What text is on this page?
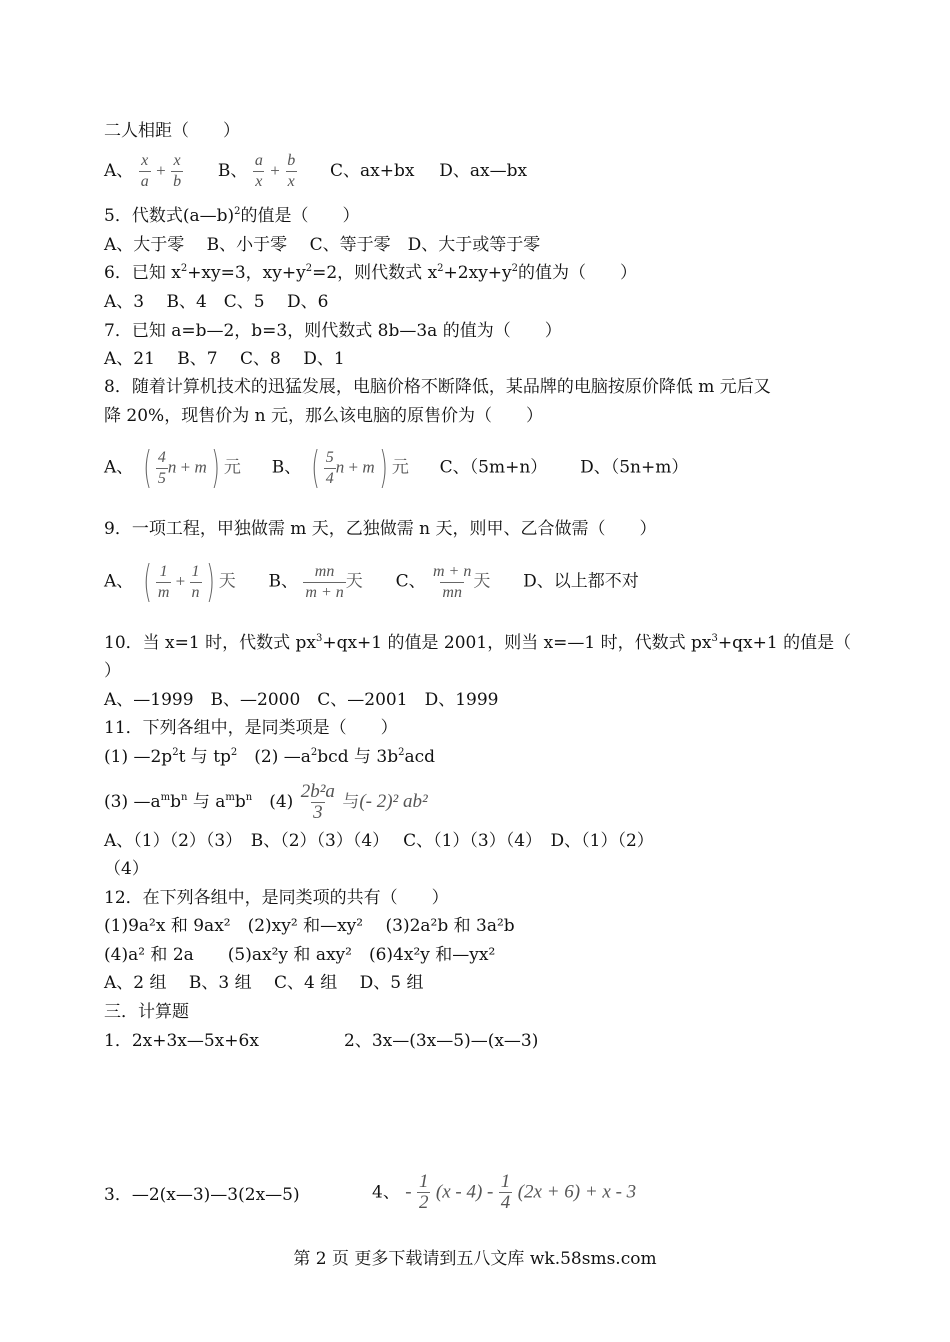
二人相距（　　）
A、 $\frac{x}{a} + \frac{x}{b}$ B、 $\frac{a}{x} + \frac{b}{x}$ C、ax+bx D、ax—bx
5．代数式(a—b)$^2$的值是（　　）
A、大于零　 B、小于零　 C、等于零　D、大于或等于零
6．已知 $x^2+xy=3$，$xy+y^2=2$，则代数式 $x^2+2xy+y^2$的值为（　　）
A、3　 B、4　C、5　 D、6
7．已知 a=b—2，b=3，则代数式 8b—3a 的值为（　　）
A、21　 B、7　 C、8　 D、1
8．随着计算机技术的迅猛发展，电脑价格不断降低，某品牌的电脑按原价降低 m 元后又
降 20%，现售价为 n 元，那么该电脑的原售价为（　　）
A、 ( $\frac{4}{5}$ n + m) 元 B、 ( $\frac{5}{4}$ n + m) 元 C、（5m+n） D、（5n+m）
9．一项工程，甲独做需 m 天，乙独做需 n 天，则甲、乙合做需（　　）
A、 ( $\frac{1}{m} + \frac{1}{n}$ ) 天 B、 $\frac{mn}{m + n}$ 天 C、 $\frac{m + n}{mn}$ 天 D、以上都不对
10．当 x=1 时，代数式 $px^3+qx+1$ 的值是 2001，则当 x=—1 时，代数式 $px^3+qx+1$ 的值是（
）
A、—1999　B、—2000　C、—2001　D、1999
11．下列各组中，是同类项是（　　）
(1) $—2p^2t$ 与 $tp^2$　(2) $—a^2bcd$ 与 $3b^2acd$
(3) $—a^mb^n$ 与 $a^mb^n$　$(4) \frac{\text{2b²a}}{3}$ 与(- 2)² ab²
A、（1）（2）（3）　B、（2）（3）（4）　 C、（1）（3）（4）　D、（1）（2）
（4）
12．在下列各组中，是同类项的共有（　　）
(1)9a²x 和 9ax²　(2)xy² 和—xy²　 (3)2a²b 和 3a²b
(4)a² 和 2a　　(5)ax²y 和 axy²　(6)4x²y 和—yx²
A、2 组　 B、3 组　 C、4 组　 D、5 组
三．计算题
1．2x+3x—5x+6x	2、3x—(3x—5)—(x—3)
3．—2(x—3)—3(2x—5)	4、 - $\frac{1}{2} (x - 4) - \frac{1}{4} (2x + 6) + x - 3$
第 2 页 更多下载请到五八文库 wk.58sms.com
